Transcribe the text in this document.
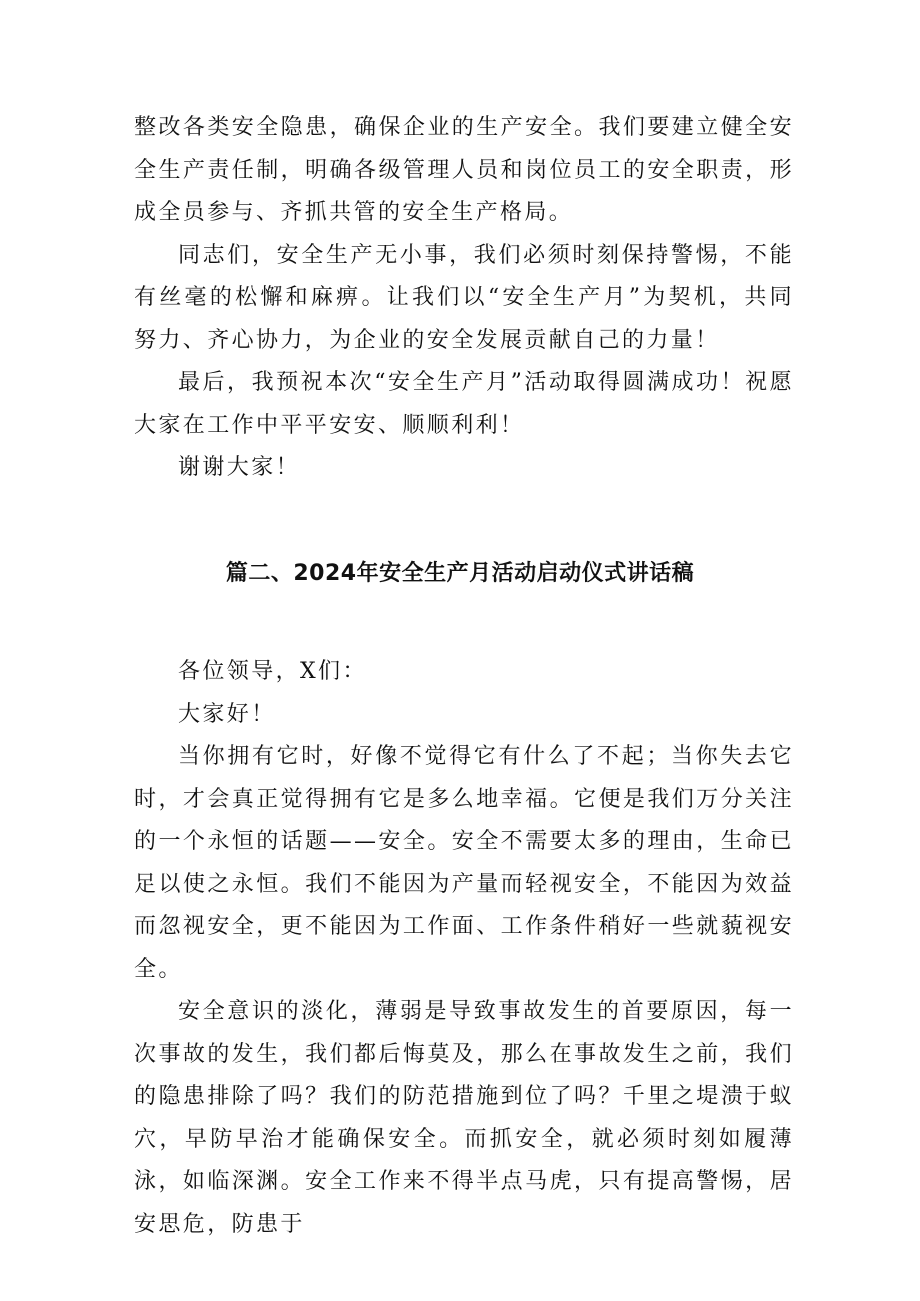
整改各类安全隐患，确保企业的生产安全。我们要建立健全安全生产责任制，明确各级管理人员和岗位员工的安全职责，形成全员参与、齐抓共管的安全生产格局。

同志们，安全生产无小事，我们必须时刻保持警惕，不能有丝毫的松懈和麻痹。让我们以“安全生产月”为契机，共同努力、齐心协力，为企业的安全发展贡献自己的力量！

最后，我预祝本次“安全生产月”活动取得圆满成功！祝愿大家在工作中平平安安、顺顺利利！

谢谢大家！

篇二、2024年安全生产月活动启动仪式讲话稿

各位领导，X们：

大家好！

当你拥有它时，好像不觉得它有什么了不起；当你失去它时，才会真正觉得拥有它是多么地幸福。它便是我们万分关注的一个永恒的话题——安全。安全不需要太多的理由，生命已足以使之永恒。我们不能因为产量而轻视安全，不能因为效益而忽视安全，更不能因为工作面、工作条件稍好一些就藐视安全。

安全意识的淡化，薄弱是导致事故发生的首要原因，每一次事故的发生，我们都后悔莫及，那么在事故发生之前，我们的隐患排除了吗？我们的防范措施到位了吗？千里之堤溃于蚁穴，早防早治才能确保安全。而抓安全，就必须时刻如履薄泳，如临深渊。安全工作来不得半点马虎，只有提高警惕，居安思危，防患于
